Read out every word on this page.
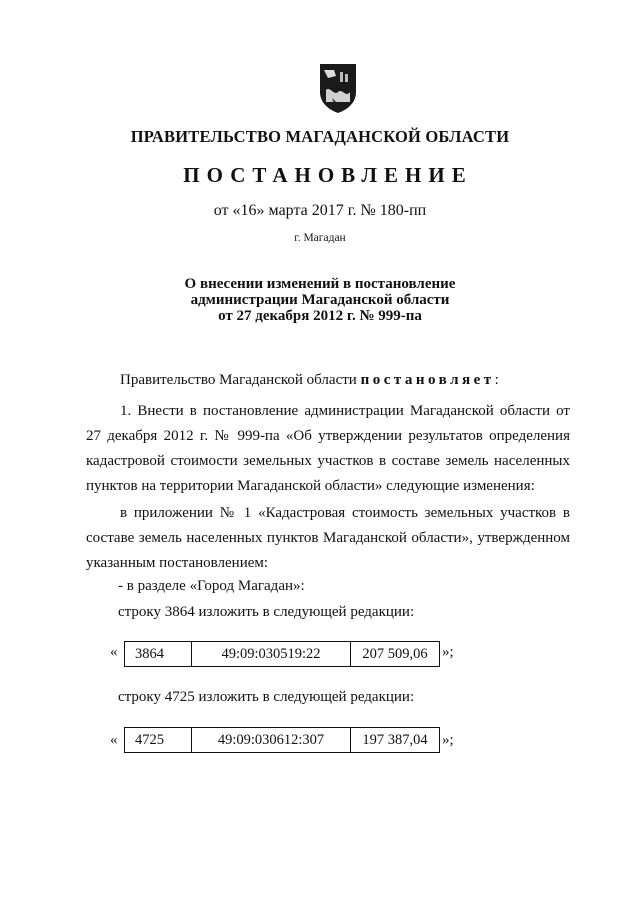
ПРАВИТЕЛЬСТВО МАГАДАНСКОЙ ОБЛАСТИ
ПОСТАНОВЛЕНИЕ
от «16» марта 2017 г. № 180-пп
г. Магадан
О внесении изменений в постановление
администрации Магаданской области
от 27 декабря 2012 г. № 999-па
Правительство Магаданской области постановляет:
1. Внести в постановление администрации Магаданской области от 27 декабря 2012 г. № 999-па «Об утверждении результатов определения кадастровой стоимости земельных участков в составе земель населенных пунктов на территории Магаданской области» следующие изменения:
в приложении № 1 «Кадастровая стоимость земельных участков в составе земель населенных пунктов Магаданской области», утвержденном указанным постановлением:
- в разделе «Город Магадан»:
строку 3864 изложить в следующей редакции:
« 3864	49:09:030519:22	207 509,06 »;
строку 4725 изложить в следующей редакции:
« 4725	49:09:030612:307	197 387,04 »;
